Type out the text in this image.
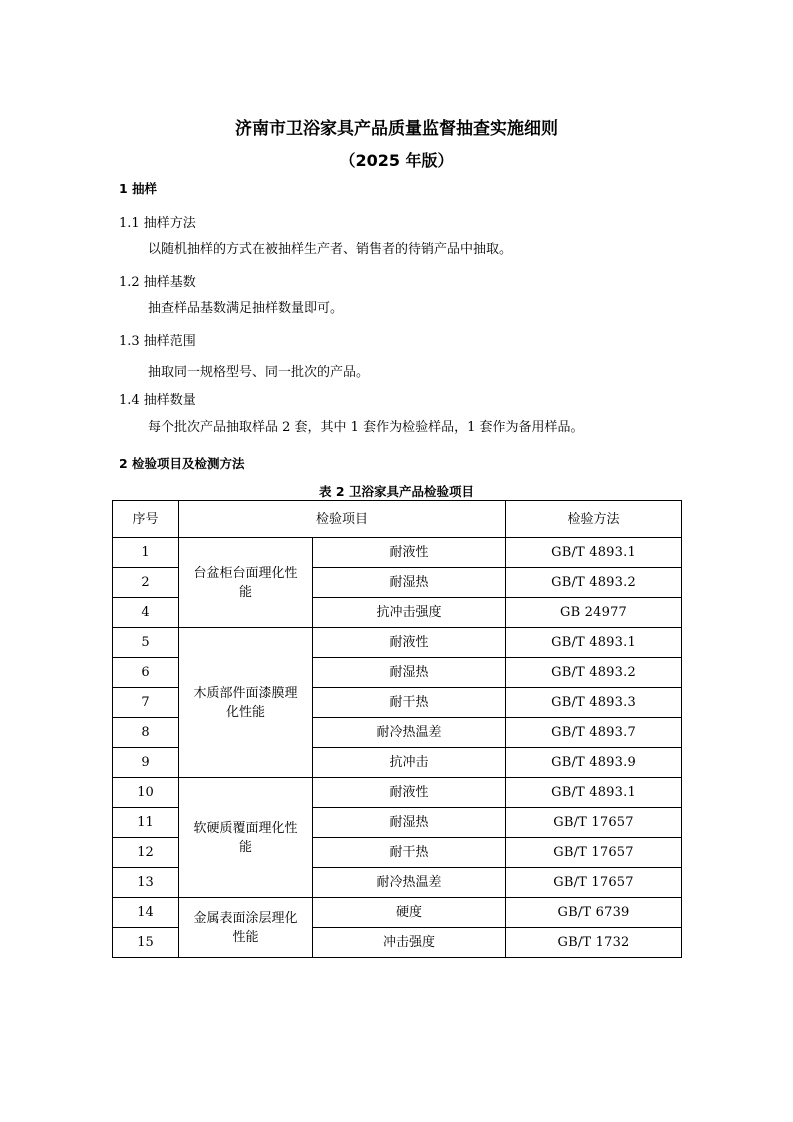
济南市卫浴家具产品质量监督抽查实施细则
（2025 年版）
1 抽样
1.1 抽样方法
以随机抽样的方式在被抽样生产者、销售者的待销产品中抽取。
1.2 抽样基数
抽查样品基数满足抽样数量即可。
1.3 抽样范围
抽取同一规格型号、同一批次的产品。
1.4 抽样数量
每个批次产品抽取样品 2 套，其中 1 套作为检验样品，1 套作为备用样品。
2 检验项目及检测方法
表 2 卫浴家具产品检验项目
序号	检验项目		检验方法
1	台盆柜台面理化性能	耐液性	GB/T 4893.1
2		耐湿热	GB/T 4893.2
4		抗冲击强度	GB 24977
5	木质部件面漆膜理化性能	耐液性	GB/T 4893.1
6		耐湿热	GB/T 4893.2
7		耐干热	GB/T 4893.3
8		耐冷热温差	GB/T 4893.7
9		抗冲击	GB/T 4893.9
10	软硬质覆面理化性能	耐液性	GB/T 4893.1
11		耐湿热	GB/T 17657
12		耐干热	GB/T 17657
13		耐冷热温差	GB/T 17657
14	金属表面涂层理化性能	硬度	GB/T 6739
15		冲击强度	GB/T 1732
